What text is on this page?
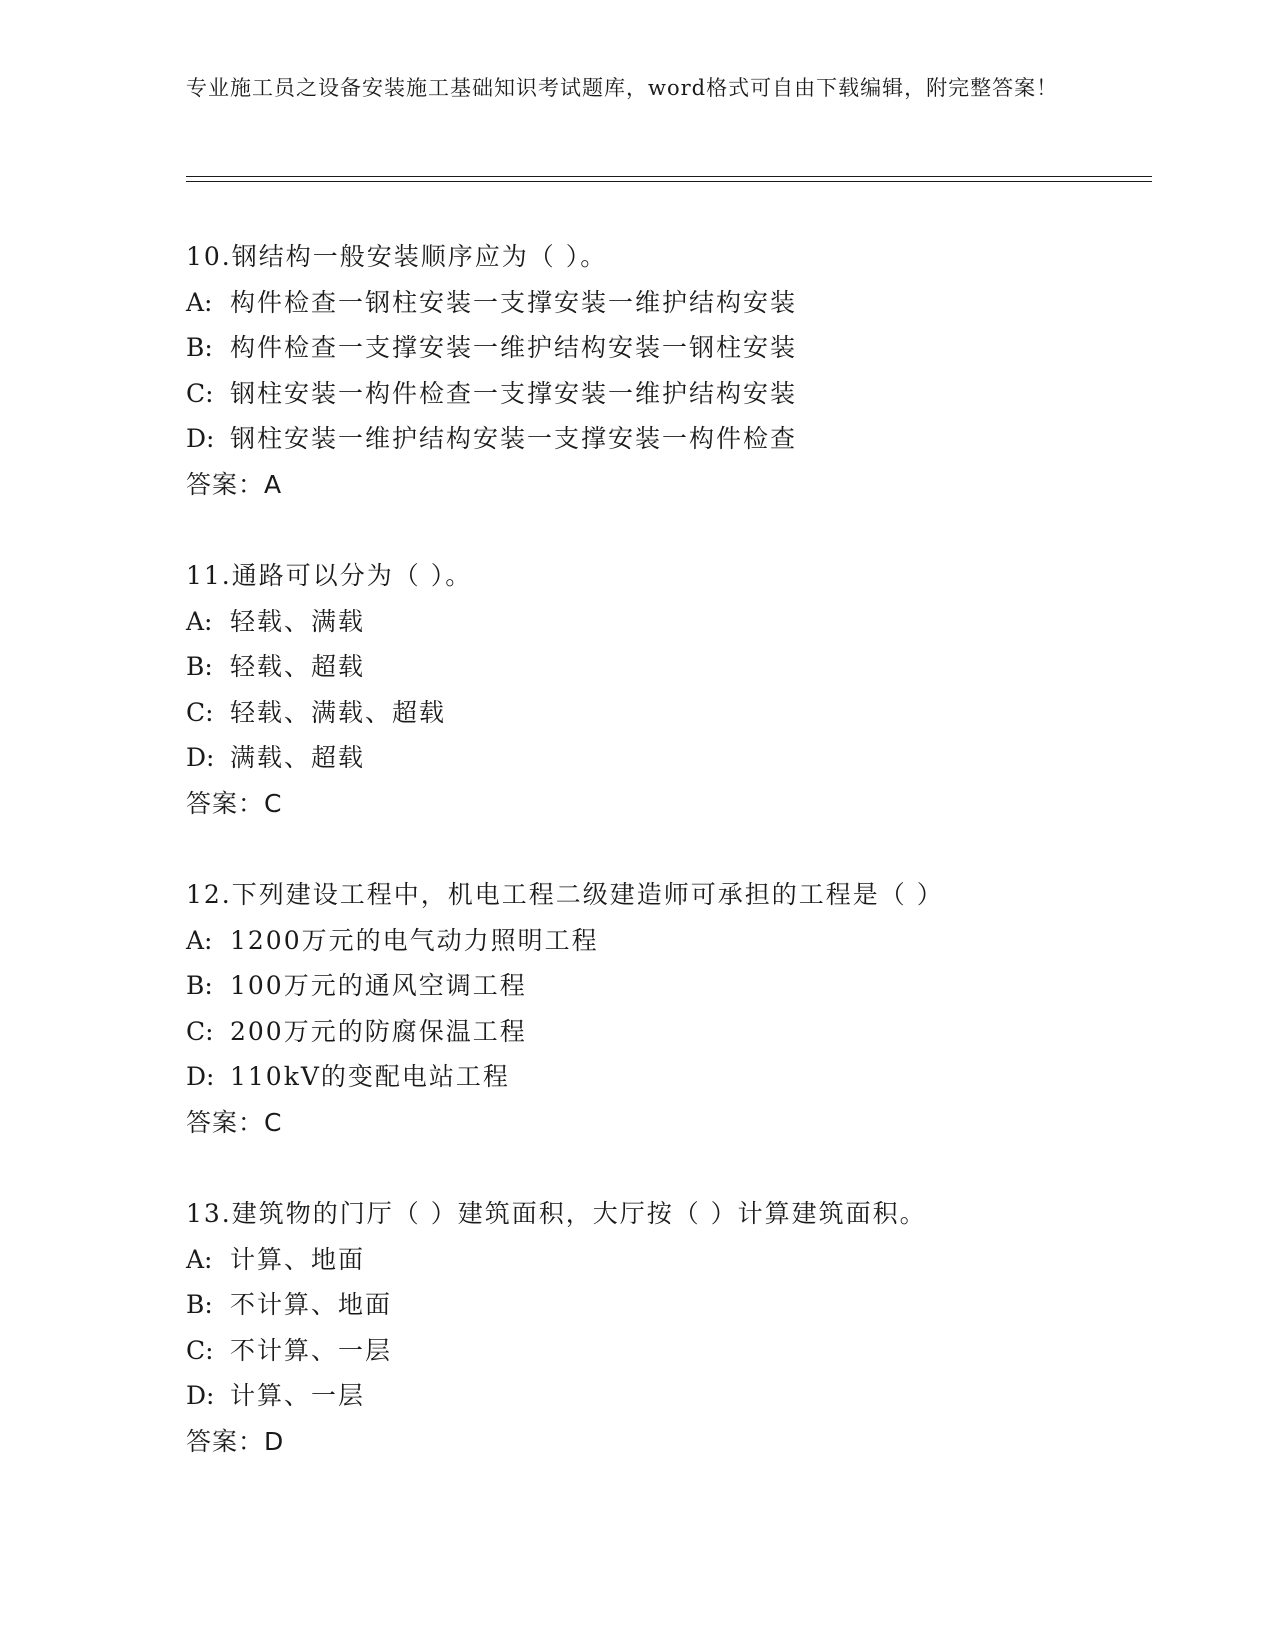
专业施工员之设备安装施工基础知识考试题库，word格式可自由下载编辑，附完整答案！
10.钢结构一般安装顺序应为（ ）。
A: 构件检查一钢柱安装一支撑安装一维护结构安装
B: 构件检查一支撑安装一维护结构安装一钢柱安装
C: 钢柱安装一构件检查一支撑安装一维护结构安装
D: 钢柱安装一维护结构安装一支撑安装一构件检查
答案：A
11.通路可以分为（ ）。
A: 轻载、满载
B: 轻载、超载
C: 轻载、满载、超载
D: 满载、超载
答案：C
12.下列建设工程中，机电工程二级建造师可承担的工程是（ ）
A: 1200万元的电气动力照明工程
B: 100万元的通风空调工程
C: 200万元的防腐保温工程
D: 110kV的变配电站工程
答案：C
13.建筑物的门厅（ ）建筑面积，大厅按（ ）计算建筑面积。
A: 计算、地面
B: 不计算、地面
C: 不计算、一层
D: 计算、一层
答案：D
